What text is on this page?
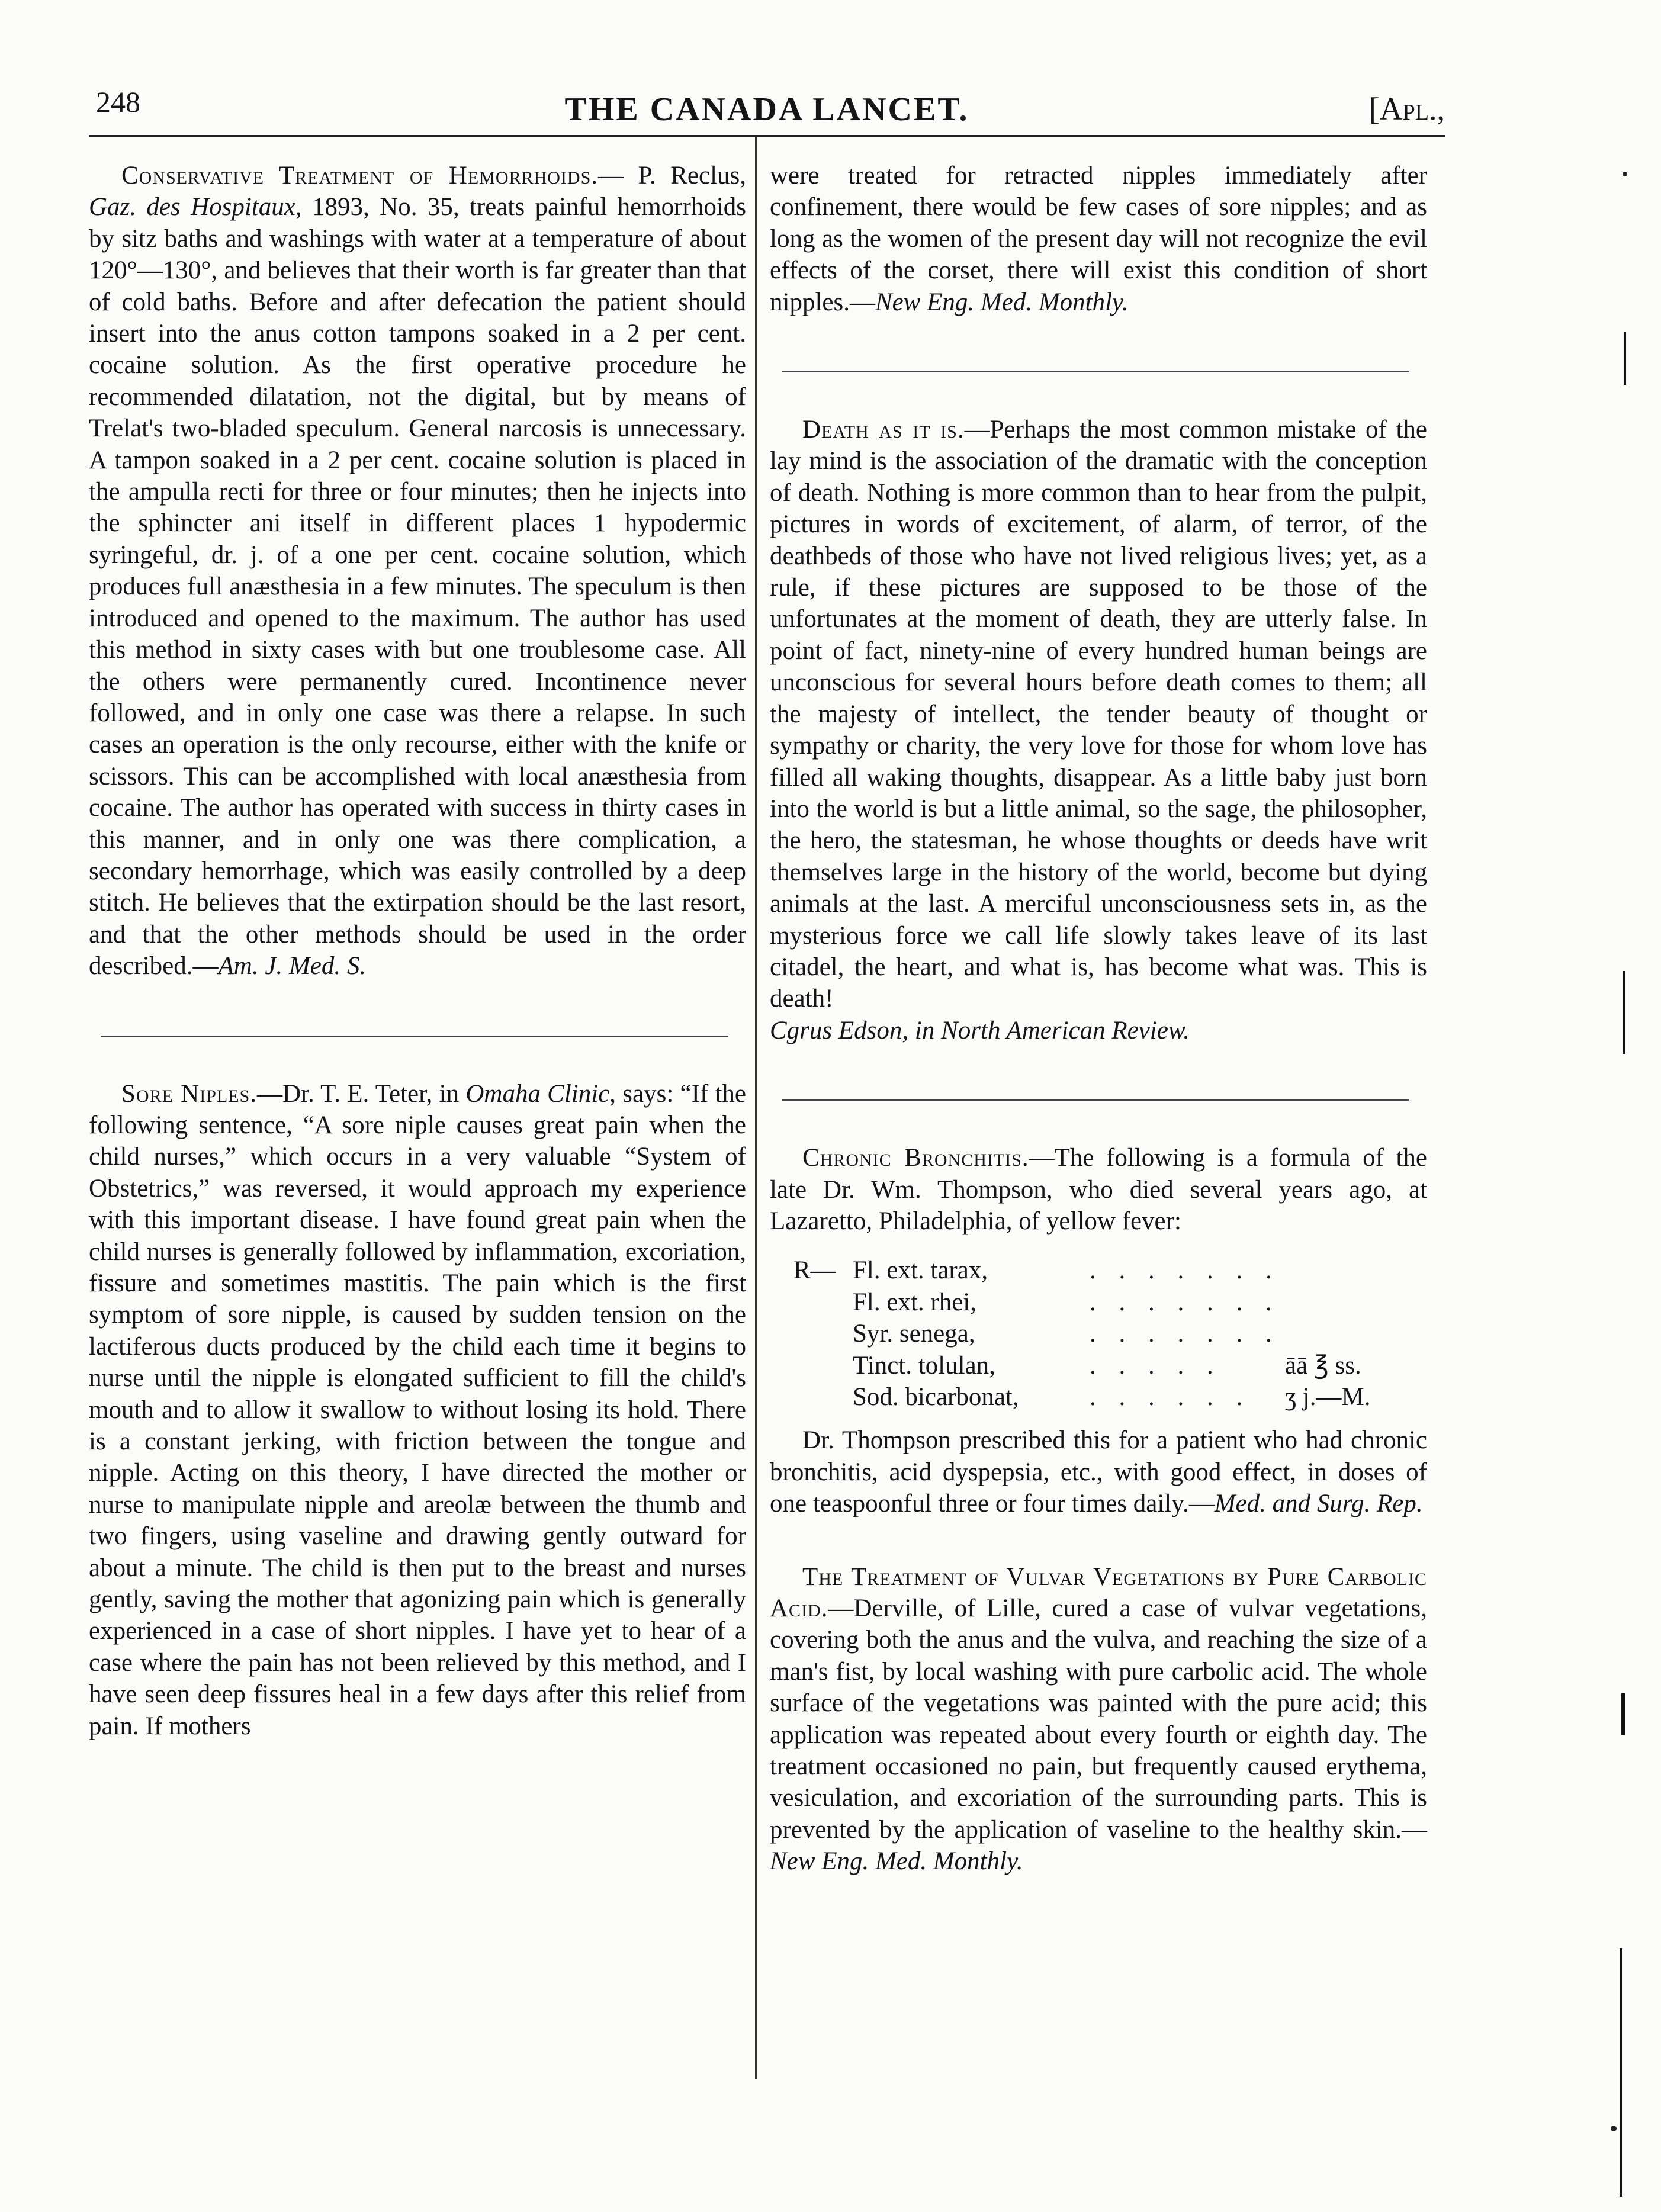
248	THE CANADA LANCET.	[Apl.,

Conservative Treatment of Hemorrhoids.— P. Reclus, Gaz. des Hospitaux, 1893, No. 35, treats painful hemorrhoids by sitz baths and washings with water at a temperature of about 120°—130°, and believes that their worth is far greater than that of cold baths. Before and after defecation the patient should insert into the anus cotton tampons soaked in a 2 per cent. cocaine solution. As the first operative procedure he recommended dilatation, not the digital, but by means of Trelat's two-bladed speculum. General narcosis is unnecessary. A tampon soaked in a 2 per cent. cocaine solution is placed in the ampulla recti for three or four minutes; then he injects into the sphincter ani itself in different places 1 hypodermic syringeful, dr. j. of a one per cent. cocaine solution, which produces full anæsthesia in a few minutes. The speculum is then introduced and opened to the maximum. The author has used this method in sixty cases with but one troublesome case. All the others were permanently cured. Incontinence never followed, and in only one case was there a relapse. In such cases an operation is the only recourse, either with the knife or scissors. This can be accomplished with local anæsthesia from cocaine. The author has operated with success in thirty cases in this manner, and in only one was there complication, a secondary hemorrhage, which was easily controlled by a deep stitch. He believes that the extirpation should be the last resort, and that the other methods should be used in the order described.—Am. J. Med. S.

Sore Niples.—Dr. T. E. Teter, in Omaha Clinic, says: “If the following sentence, “A sore niple causes great pain when the child nurses,” which occurs in a very valuable “System of Obstetrics,” was reversed, it would approach my experience with this important disease. I have found great pain when the child nurses is generally followed by inflammation, excoriation, fissure and sometimes mastitis. The pain which is the first symptom of sore nipple, is caused by sudden tension on the lactiferous ducts produced by the child each time it begins to nurse until the nipple is elongated sufficient to fill the child's mouth and to allow it swallow to without losing its hold. There is a constant jerking, with friction between the tongue and nipple. Acting on this theory, I have directed the mother or nurse to manipulate nipple and areolæ between the thumb and two fingers, using vaseline and drawing gently outward for about a minute. The child is then put to the breast and nurses gently, saving the mother that agonizing pain which is generally experienced in a case of short nipples. I have yet to hear of a case where the pain has not been relieved by this method, and I have seen deep fissures heal in a few days after this relief from pain. If mothers

were treated for retracted nipples immediately after confinement, there would be few cases of sore nipples; and as long as the women of the present day will not recognize the evil effects of the corset, there will exist this condition of short nipples.—New Eng. Med. Monthly.

Death as it is.—Perhaps the most common mistake of the lay mind is the association of the dramatic with the conception of death. Nothing is more common than to hear from the pulpit, pictures in words of excitement, of alarm, of terror, of the deathbeds of those who have not lived religious lives; yet, as a rule, if these pictures are supposed to be those of the unfortunates at the moment of death, they are utterly false. In point of fact, ninety-nine of every hundred human beings are unconscious for several hours before death comes to them; all the majesty of intellect, the tender beauty of thought or sympathy or charity, the very love for those for whom love has filled all waking thoughts, disappear. As a little baby just born into the world is but a little animal, so the sage, the philosopher, the hero, the statesman, he whose thoughts or deeds have writ themselves large in the history of the world, become but dying animals at the last. A merciful unconsciousness sets in, as the mysterious force we call life slowly takes leave of its last citadel, the heart, and what is, has become what was. This is death!
Cgrus Edson, in North American Review.

Chronic Bronchitis.—The following is a formula of the late Dr. Wm. Thompson, who died several years ago, at Lazaretto, Philadelphia, of yellow fever:

R— Fl. ext. tarax,	. . . . . . .
Fl. ext. rhei,	. . . . . . .
Syr. senega,	. . . . . . .
Tinct. tolulan,	. . . . .	āā ℥ ss.
Sod. bicarbonat,	. . . . . .	ʒ j.—M.

Dr. Thompson prescribed this for a patient who had chronic bronchitis, acid dyspepsia, etc., with good effect, in doses of one teaspoonful three or four times daily.—Med. and Surg. Rep.

The Treatment of Vulvar Vegetations by Pure Carbolic Acid.—Derville, of Lille, cured a case of vulvar vegetations, covering both the anus and the vulva, and reaching the size of a man's fist, by local washing with pure carbolic acid. The whole surface of the vegetations was painted with the pure acid; this application was repeated about every fourth or eighth day. The treatment occasioned no pain, but frequently caused erythema, vesiculation, and excoriation of the surrounding parts. This is prevented by the application of vaseline to the healthy skin.—New Eng. Med. Monthly.
